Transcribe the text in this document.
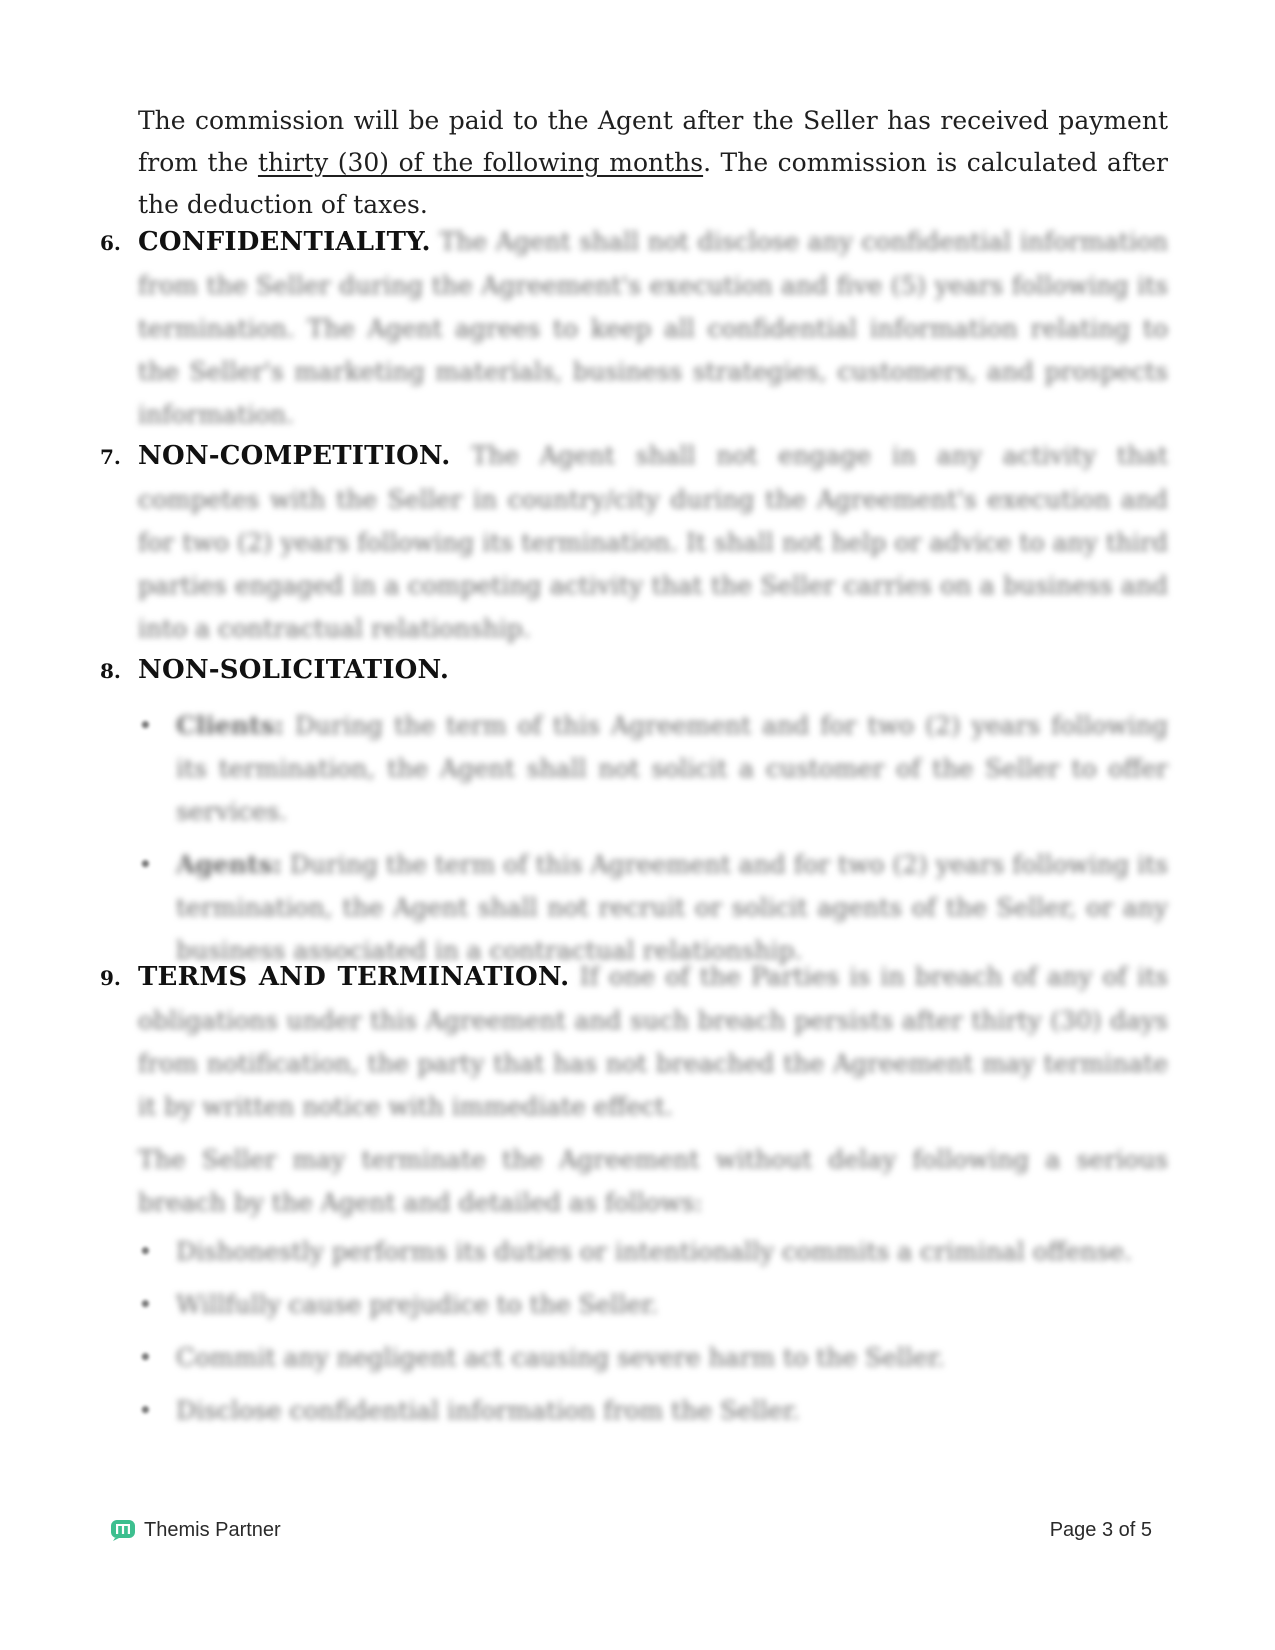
The commission will be paid to the Agent after the Seller has received payment from the thirty (30) of the following months. The commission is calculated after the deduction of taxes.
6. CONFIDENTIALITY. The Agent shall not disclose any confidential information from the Seller during the Agreement's execution and five (5) years following its termination. The Agent agrees to keep all confidential information relating to the Seller's marketing materials, business strategies, customers, and prospects information.
7. NON-COMPETITION. The Agent shall not engage in any activity that competes with the Seller in country/city during the Agreement's execution and for two (2) years following its termination. It shall not help or advice to any third parties engaged in a competing activity that the Seller carries on a business and into a contractual relationship.
8. NON-SOLICITATION.
• Clients: During the term of this Agreement and for two (2) years following its termination, the Agent shall not solicit a customer of the Seller to offer services.
• Agents: During the term of this Agreement and for two (2) years following its termination, the Agent shall not recruit or solicit agents of the Seller, or any business associated in a contractual relationship.
9. TERMS AND TERMINATION. If one of the Parties is in breach of any of its obligations under this Agreement and such breach persists after thirty (30) days from notification, the party that has not breached the Agreement may terminate it by written notice with immediate effect.
The Seller may terminate the Agreement without delay following a serious breach by the Agent and detailed as follows:
• Dishonestly performs its duties or intentionally commits a criminal offense.
• Willfully cause prejudice to the Seller.
• Commit any negligent act causing severe harm to the Seller.
• Disclose confidential information from the Seller.
Themis Partner	Page 3 of 5
